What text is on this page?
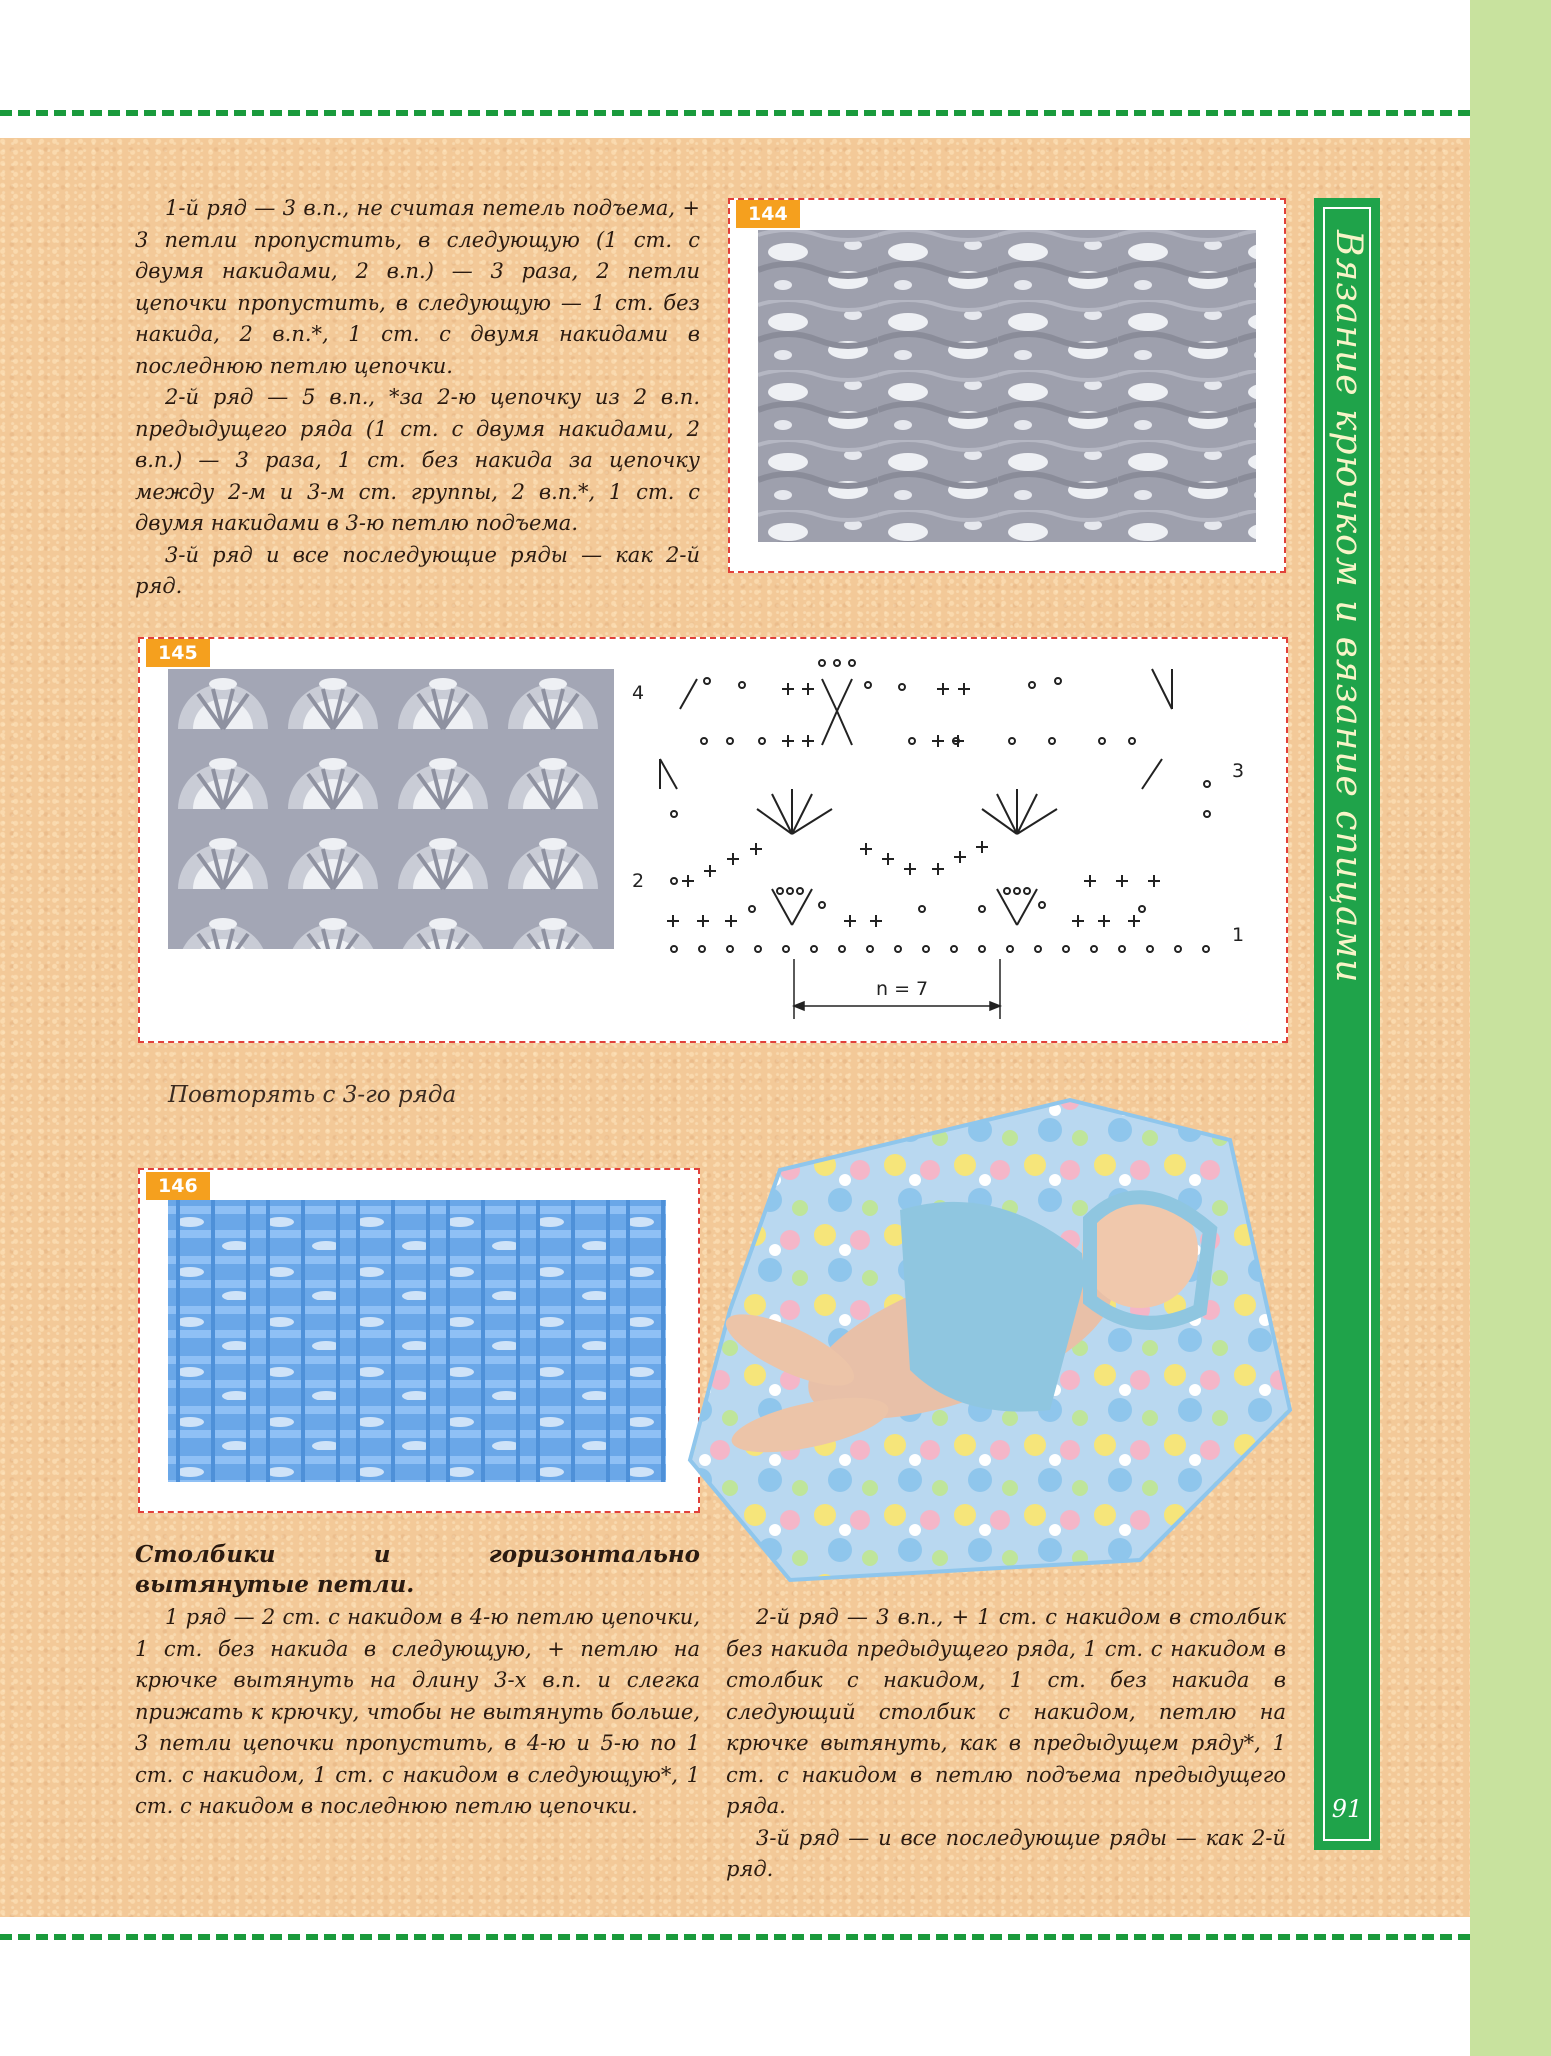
Вязание крючком и вязание спицами
91

1-й ряд — 3 в.п., не считая петель подъема, + 3 петли пропустить, в следующую (1 ст. с двумя накидами, 2 в.п.) — 3 раза, 2 петли цепочки пропустить, в следующую — 1 ст. без накида, 2 в.п.*, 1 ст. с двумя накидами в последнюю петлю цепочки.

2-й ряд — 5 в.п., *за 2-ю цепочку из 2 в.п. предыдущего ряда (1 ст. с двумя накидами, 2 в.п.) — 3 раза, 1 ст. без накида за цепочку между 2-м и 3-м ст. группы, 2 в.п.*, 1 ст. с двумя накидами в 3-ю петлю подъема.

3-й ряд и все последующие ряды — как 2-й ряд.

144
4
3
2
1
n = 7
145
Повторять с 3-го ряда
146
Столбики и горизонтально вытянутые петли.

1 ряд — 2 ст. с накидом в 4-ю петлю цепочки, 1 ст. без накида в следующую, + петлю на крючке вытянуть на длину 3-х в.п. и слегка прижать к крючку, чтобы не вытянуть больше, 3 петли цепочки пропустить, в 4-ю и 5-ю по 1 ст. с накидом, 1 ст. с накидом в следующую*, 1 ст. с накидом в последнюю петлю цепочки.

2-й ряд — 3 в.п., + 1 ст. с накидом в столбик без накида предыдущего ряда, 1 ст. с накидом в столбик с накидом, 1 ст. без накида в следующий столбик с накидом, петлю на крючке вытянуть, как в предыдущем ряду*, 1 ст. с накидом в петлю подъема предыдущего ряда.

3-й ряд — и все последующие ряды — как 2-й ряд.
